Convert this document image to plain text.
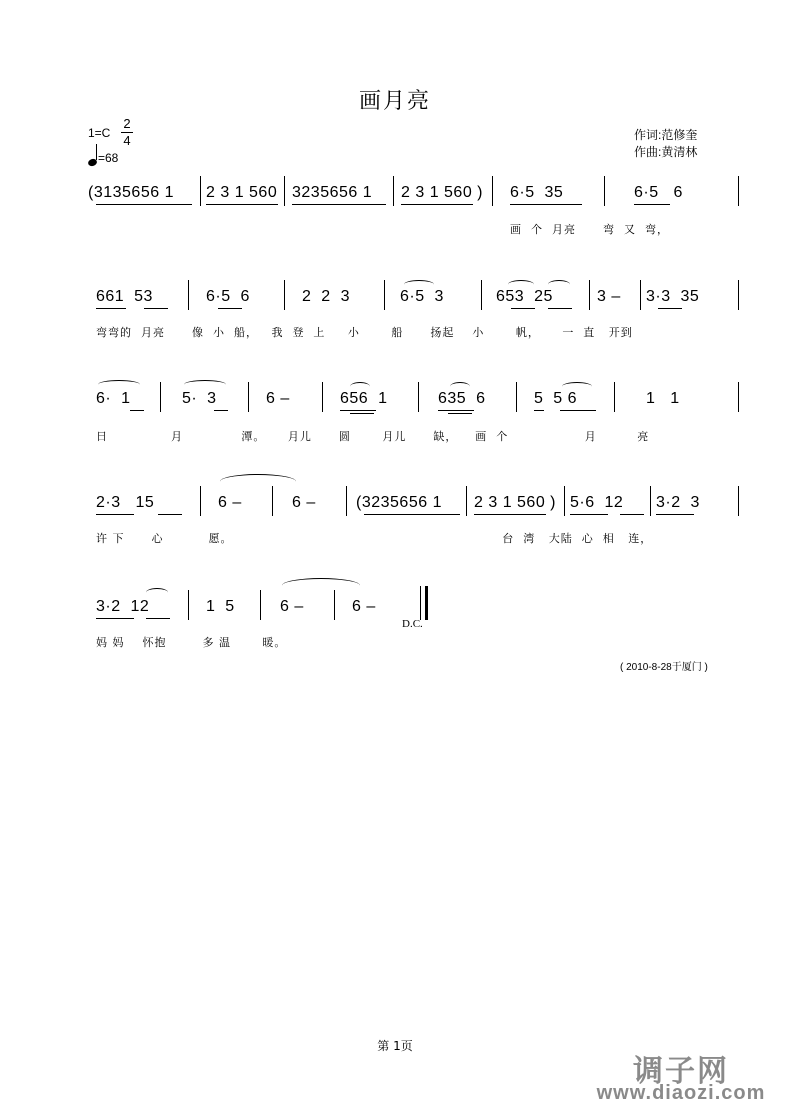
画月亮
1=C
2
4
=68
作词:范修奎
作曲:黄清林
(3135656 1 2 3 1 560 3235656 1 2 3 1 560 ) 6·5  35	6·5   6
画  个  月亮      弯  又  弯，
661  53	6·5  6	2  2  3	6·5  3	653  25	3 – 3·3  35
弯弯的  月亮      像  小  船，   我  登  上     小       船      扬起    小       帆，     一  直   开到
6·  1	5·  3	6 –	656  1	635  6	5  5 6	1   1
日              月             潭。     月儿      圆       月儿      缺，    画  个                 月         亮
2·3   15	6 –	6 –	(3235656 1 2 3 1 560 ) 5·6  12 3·2  3
许 下      心          愿。                                                            台  湾   大陆  心  相   连，
3·2  12	1  5	6 –	6 –
妈 妈    怀抱        多 温       暖。
D.C.
( 2010-8-28于厦门 )
第 1页
调子网
www.diaozi.com
